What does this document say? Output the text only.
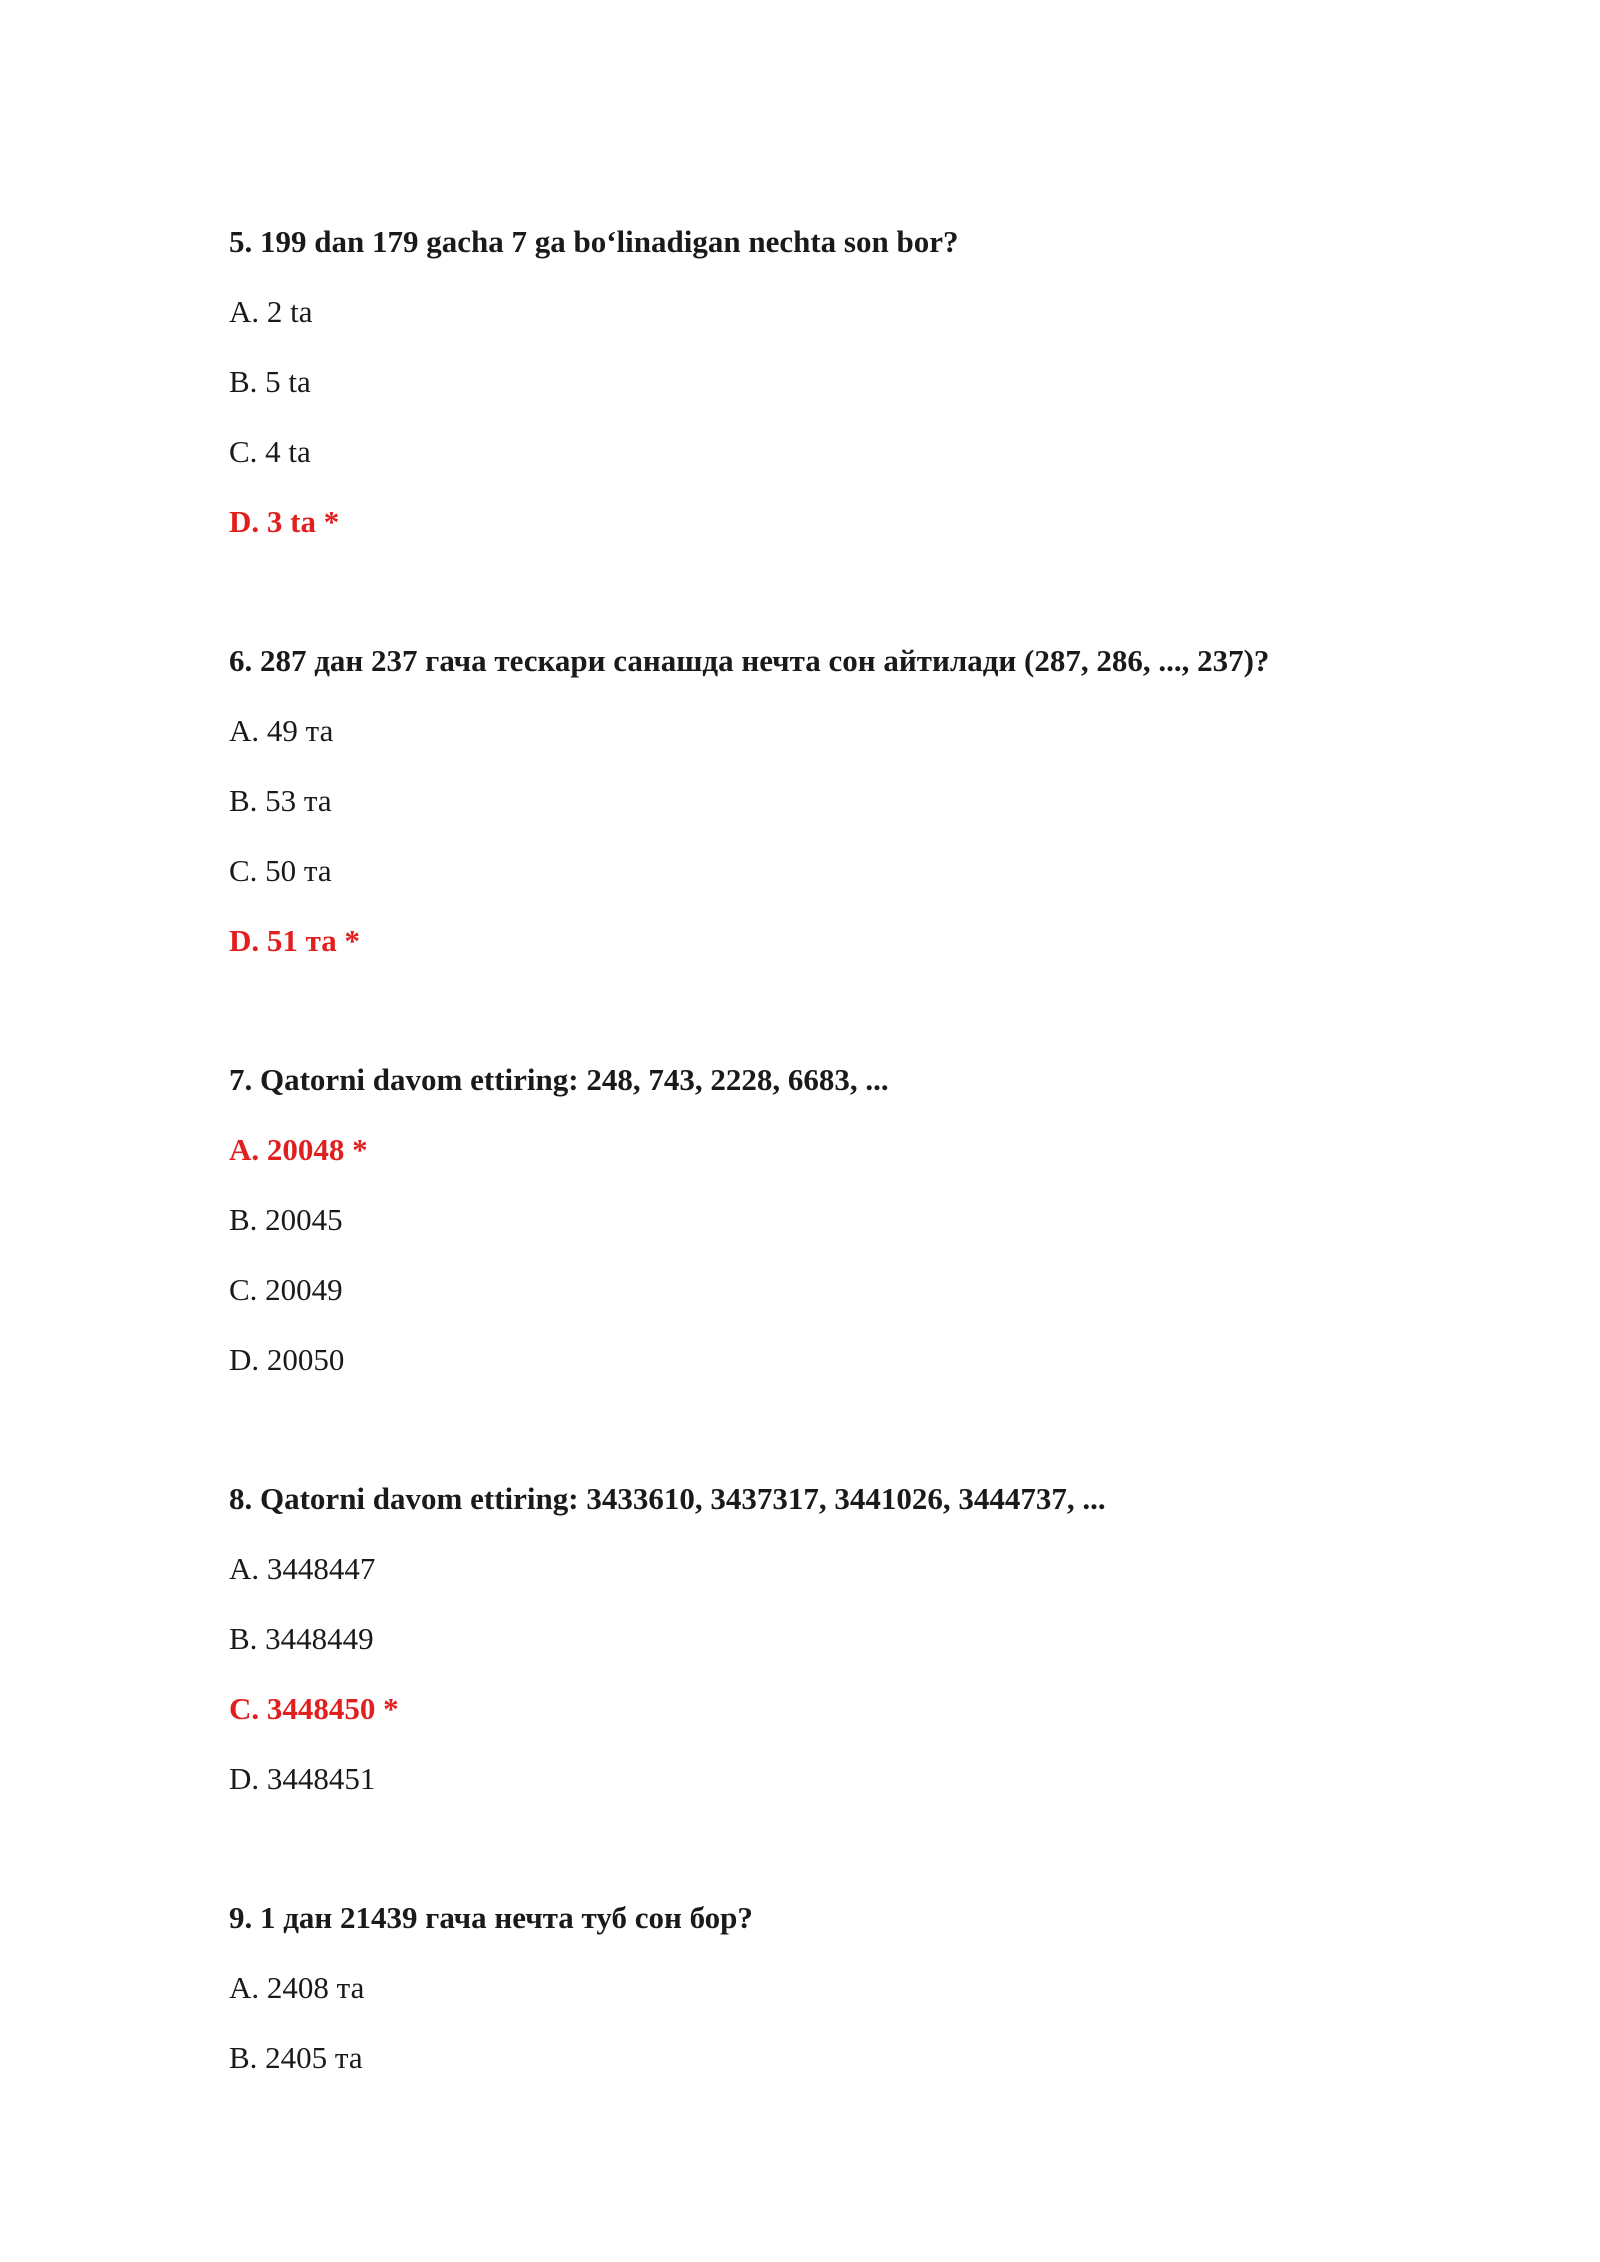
5. 199 dan 179 gacha 7 ga bo‘linadigan nechta son bor?

A. 2 ta

B. 5 ta

C. 4 ta

D. 3 ta *

6. 287 дан 237 гача тескари санашда нечта сон айтилади (287, 286, ..., 237)?

A. 49 та

B. 53 та

C. 50 та

D. 51 та *

7. Qatorni davom ettiring: 248, 743, 2228, 6683, ...

A. 20048 *

B. 20045

C. 20049

D. 20050

8. Qatorni davom ettiring: 3433610, 3437317, 3441026, 3444737, ...

A. 3448447

B. 3448449

C. 3448450 *

D. 3448451

9. 1 дан 21439 гача нечта туб сон бор?

A. 2408 та

B. 2405 та
